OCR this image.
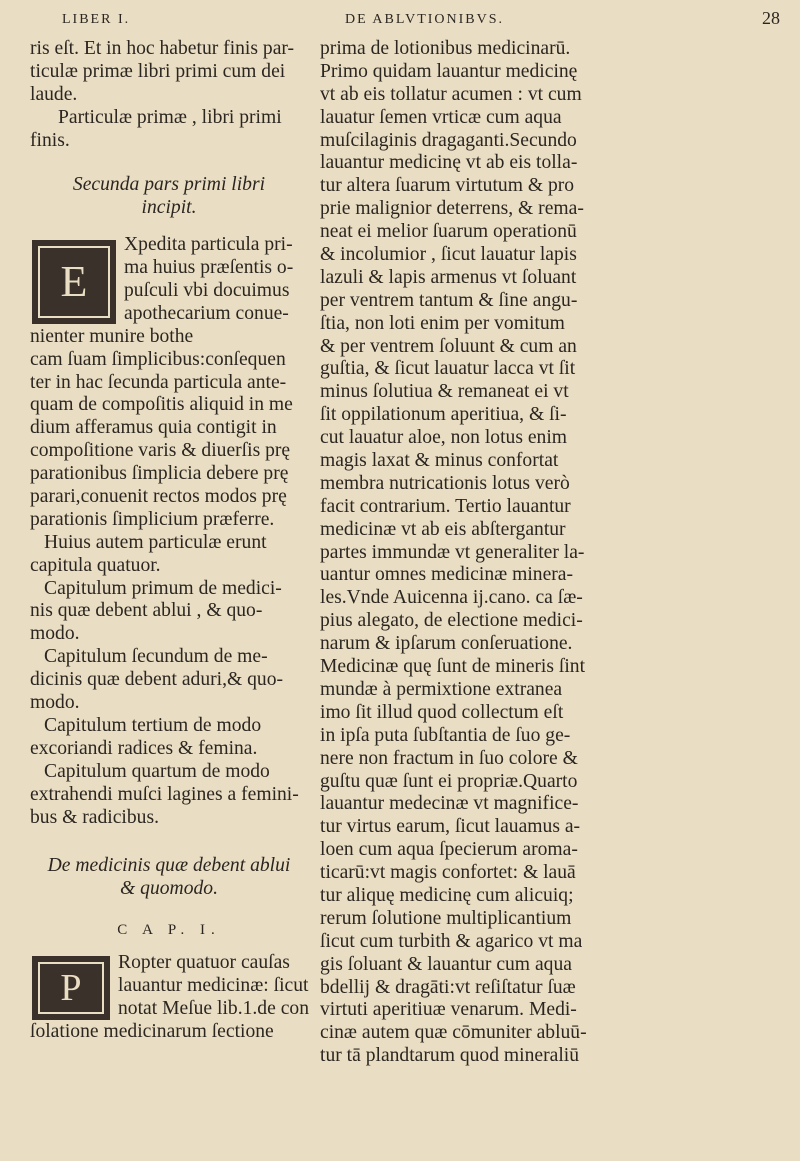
LIBER I.	DE ABLVTIONIBVS.	28
ris eſt. Et in hoc habetur finis par-
ticulæ primæ libri primi cum dei
laude.
Particulæ primæ , libri primi
finis.
Secunda pars primi libri
incipit.
E
Xpedita particula pri-
ma huius præſentis o-
puſculi vbi docuimus
apothecarium conue-
nienter munire bothe
cam ſuam ſimplicibus:conſequen
ter in hac ſecunda particula ante-
quam de compoſitis aliquid in me
dium afferamus quia contigit in
compoſitione varis & diuerſis prę
parationibus ſimplicia debere prę
parari,conuenit rectos modos prę
parationis ſimplicium præferre.
Huius autem particulæ erunt
capitula quatuor.
Capitulum primum de medici-
nis quæ debent ablui , & quo-
modo.
Capitulum ſecundum de me-
dicinis quæ debent aduri,& quo-
modo.
Capitulum tertium de modo
excoriandi radices & femina.
Capitulum quartum de modo
extrahendi muſci lagines a femini-
bus & radicibus.
De medicinis quæ debent ablui
& quomodo.
C A P. I.
P
Ropter quatuor cauſas
lauantur medicinæ: ſicut
notat Meſue lib.1.de con
ſolatione medicinarum ſectione
prima de lotionibus medicinarū.
Primo quidam lauantur medicinę
vt ab eis tollatur acumen : vt cum
lauatur ſemen vrticæ cum aqua
muſcilaginis dragaganti.Secundo
lauantur medicinę vt ab eis tolla-
tur altera ſuarum virtutum & pro
prie malignior deterrens, & rema-
neat ei melior ſuarum operationū
& incolumior , ſicut lauatur lapis
lazuli & lapis armenus vt ſoluant
per ventrem tantum & ſine angu-
ſtia, non loti enim per vomitum
& per ventrem ſoluunt & cum an
guſtia, & ſicut lauatur lacca vt ſit
minus ſolutiua & remaneat ei vt
ſit oppilationum aperitiua, & ſi-
cut lauatur aloe, non lotus enim
magis laxat & minus confortat
membra nutricationis lotus verò
facit contrarium. Tertio lauantur
medicinæ vt ab eis abſtergantur
partes immundæ vt generaliter la-
uantur omnes medicinæ minera-
les.Vnde Auicenna ij.cano. ca ſæ-
pius alegato, de electione medici-
narum & ipſarum conſeruatione.
Medicinæ quę ſunt de mineris ſint
mundæ à permixtione extranea
imo ſit illud quod collectum eſt
in ipſa puta ſubſtantia de ſuo ge-
nere non fractum in ſuo colore &
guſtu quæ ſunt ei propriæ.Quarto
lauantur medecinæ vt magnifice-
tur virtus earum, ſicut lauamus a-
loen cum aqua ſpecierum aroma-
ticarū:vt magis confortet: & lauā
tur aliquę medicinę cum alicuiq;
rerum ſolutione multiplicantium
ſicut cum turbith & agarico vt ma
gis ſoluant & lauantur cum aqua
bdellij & dragāti:vt reſiſtatur ſuæ
virtuti aperitiuæ venarum. Medi-
cinæ autem quæ cōmuniter abluū-
tur tā plandtarum quod mineraliū
